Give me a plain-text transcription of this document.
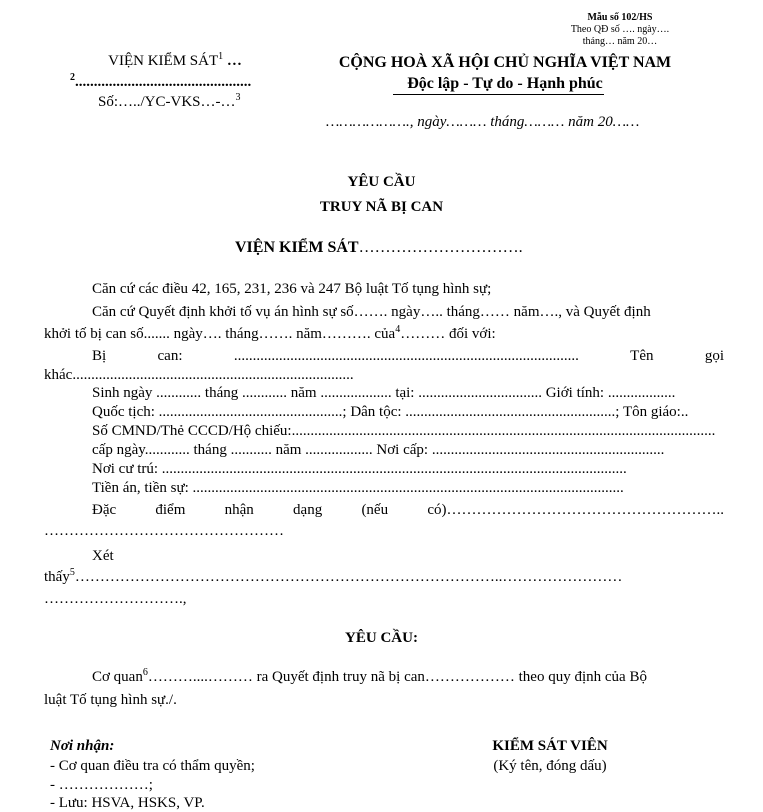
Mẫu số 102/HS
Theo QĐ số …. ngày….
tháng… năm 20…
VIỆN KIỂM SÁT$^1$ …
$^2$...............................................
Số:…../YC-VKS…-…$^3$
CỘNG HOÀ XÃ HỘI CHỦ NGHĨA VIỆT NAM
Độc lập - Tự do - Hạnh phúc
………………., ngày……… tháng……… năm 20……
YÊU CẦU
TRUY NÃ BỊ CAN
VIỆN KIỂM SÁT………………………….
Căn cứ các điều 42, 165, 231, 236 và 247 Bộ luật Tố tụng hình sự;
Căn cứ Quyết định khởi tố vụ án hình sự số……. ngày….. tháng…… năm…., và Quyết định
khởi tố bị can số....... ngày…. tháng……. năm………. của$^4$……… đối với:
Bị	can:	............................................................................................	Tên	gọi
khác...........................................................................
Sinh ngày ............ tháng ............ năm ................... tại: ................................. Giới tính: ..................
Quốc tịch: .................................................; Dân tộc: ........................................................; Tôn giáo:..
Số CMND/Thẻ CCCD/Hộ chiếu:.................................................................................................................
cấp ngày............ tháng ........... năm .................. Nơi cấp: ..............................................................
Nơi cư trú: ............................................................................................................................
Tiền án, tiền sự: ...................................................................................................................
Đặc	điểm	nhận	dạng	(nếu	có)………………………………………………..
…………………………………………
Xét
thấy$^5$…………………………………………………………………………..……………………
……………………….,
YÊU CẦU:
Cơ quan$^6$………....……… ra Quyết định truy nã bị can……………… theo quy định của Bộ
luật Tố tụng hình sự./.
Nơi nhận:
- Cơ quan điều tra có thẩm quyền;
- ………………;
- Lưu: HSVA, HSKS, VP.
KIỂM SÁT VIÊN
(Ký tên, đóng dấu)
